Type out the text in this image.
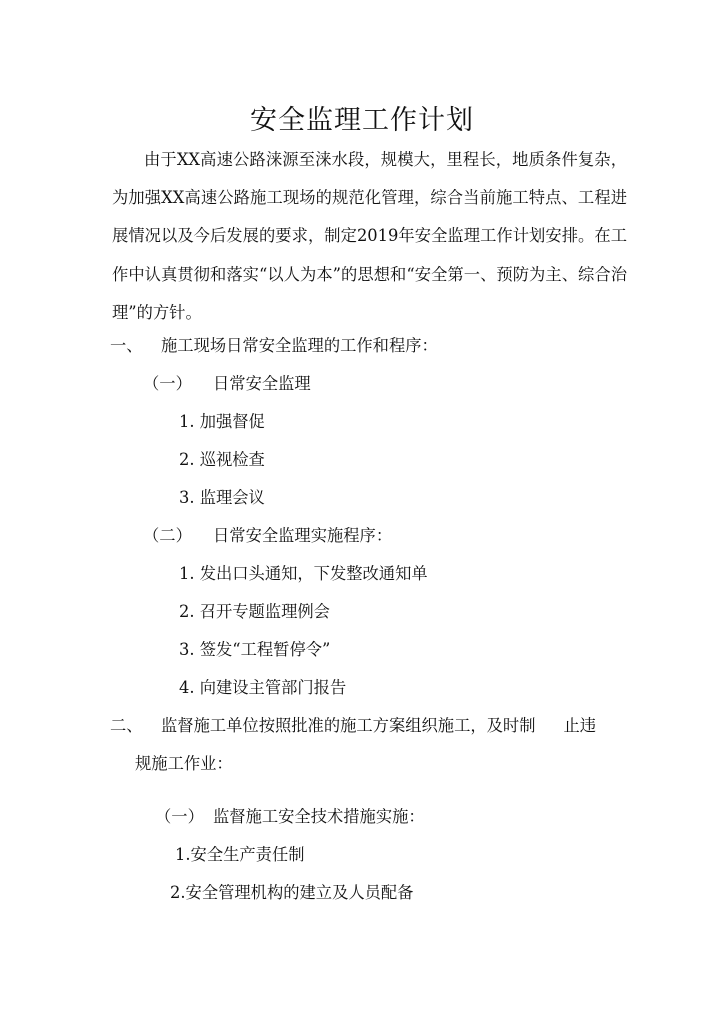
安全监理工作计划

由于XX高速公路涞源至涞水段，规模大，里程长，地质条件复杂，为加强XX高速公路施工现场的规范化管理，综合当前施工特点、工程进展情况以及今后发展的要求，制定2019年安全监理工作计划安排。在工作中认真贯彻和落实“以人为本”的思想和“安全第一、预防为主、综合治理”的方针。

一、 施工现场日常安全监理的工作和程序：
（一） 日常安全监理
1. 加强督促
2. 巡视检查
3. 监理会议
（二） 日常安全监理实施程序：
1. 发出口头通知，下发整改通知单
2. 召开专题监理例会
3. 签发“工程暂停令”
4. 向建设主管部门报告
二、 监督施工单位按照批准的施工方案组织施工，及时制 止违
规施工作业：
（一） 监督施工安全技术措施实施：
1.安全生产责任制
2.安全管理机构的建立及人员配备
